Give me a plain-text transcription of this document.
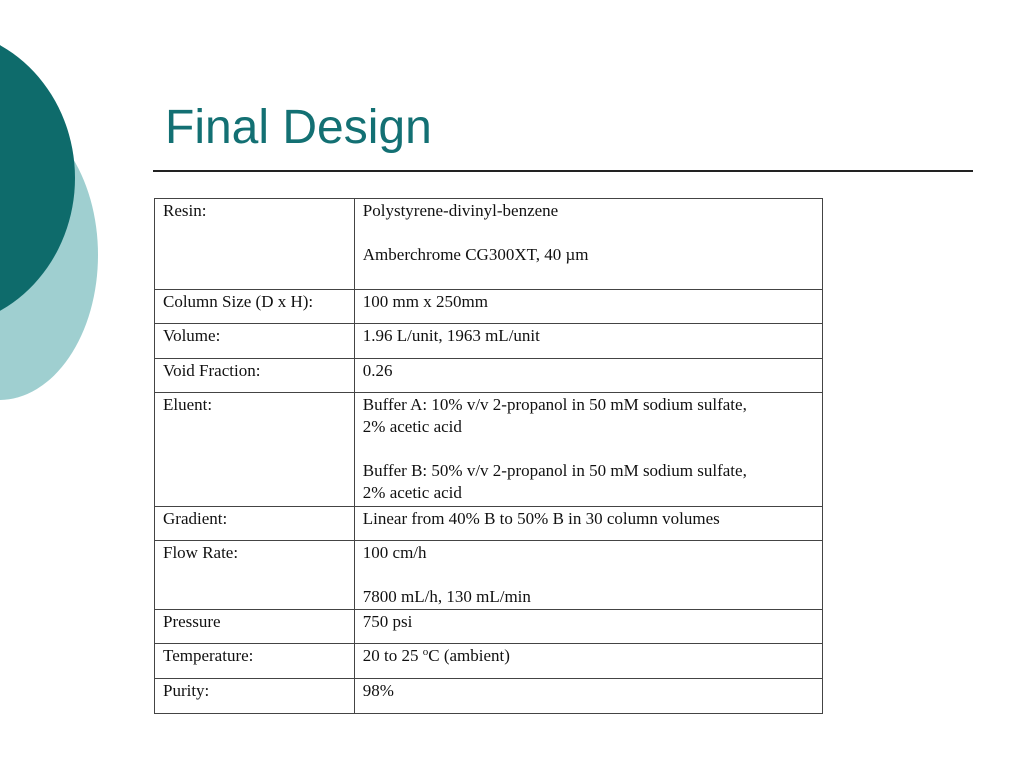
Final Design
Resin:	Polystyrene-divinyl-benzene

Amberchrome CG300XT, 40 µm

Column Size (D x H):	100 mm x 250mm
Volume:	1.96 L/unit, 1963 mL/unit
Void Fraction:	0.26
Eluent:	Buffer A: 10% v/v 2-propanol in 50 mM sodium sulfate,

2% acetic acid

Buffer B: 50% v/v 2-propanol in 50 mM sodium sulfate,

2% acetic acid

Gradient:	Linear from 40% B to 50% B in 30 column volumes
Flow Rate:	100 cm/h

7800 mL/h, 130 mL/min

Pressure	750 psi
Temperature:	20 to 25 $^o$C (ambient)
Purity:	98%
